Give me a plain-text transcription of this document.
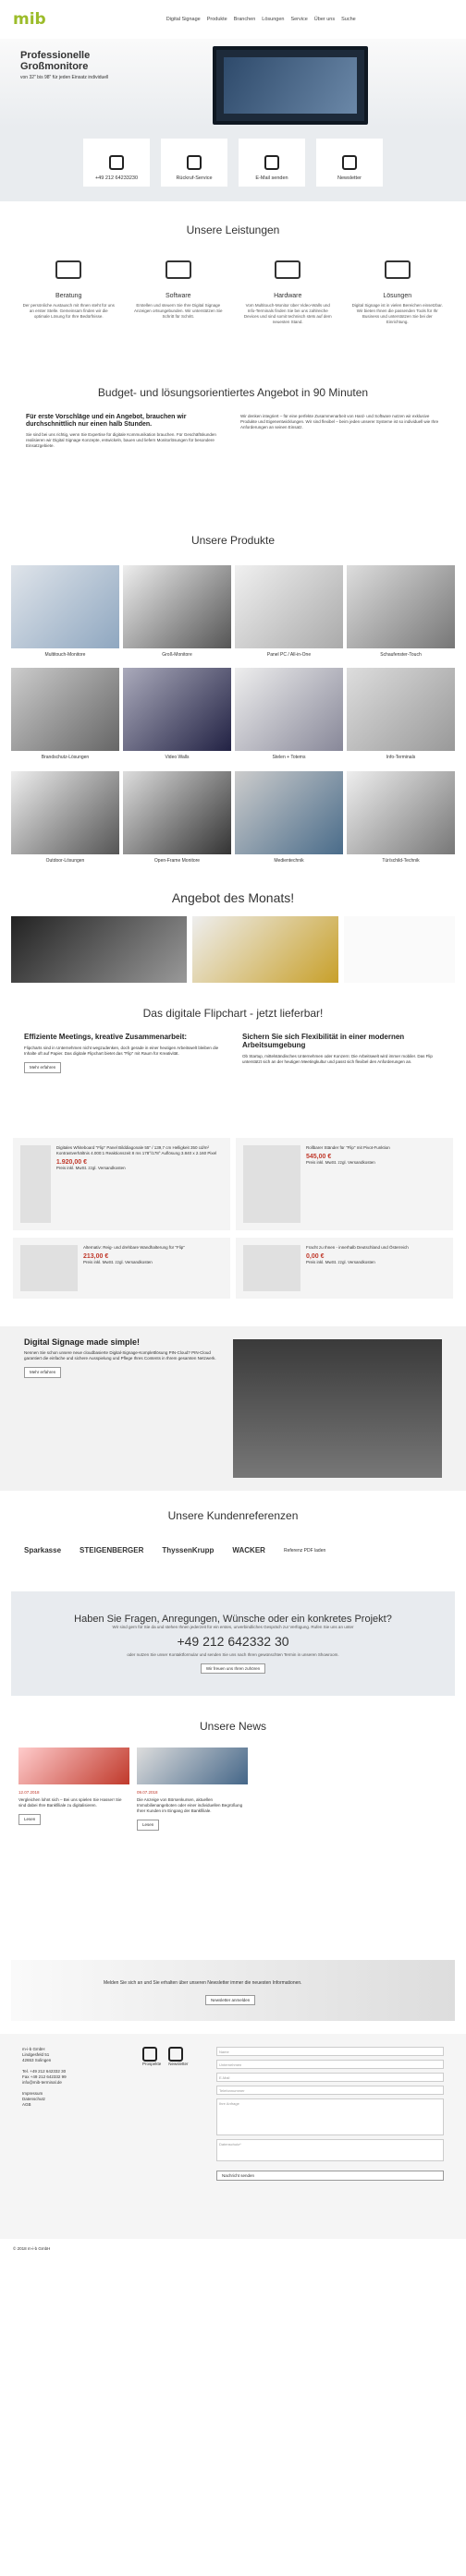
mib	Digital Signage Produkte Branchen Lösungen Service Über uns Suche
Professionelle Großmonitore

von 32" bis 98" für jeden Einsatz individuell

+49 212 64233230	Rückruf-Service	E-Mail senden	Newsletter
Unsere Leistungen
Beratung
Der persönliche Austausch mit Ihnen steht für uns an erster Stelle. Gemeinsam finden wir die optimale Lösung für Ihre Bedürfnisse.
Software
Erstellen und steuern Sie Ihre Digital Signage Anzeigen ortsungebunden. Wir unterstützen Sie Schritt für Schritt.
Hardware
Vom Multitouch-Monitor über Video-Walls und Info-Terminals finden Sie bei uns zahlreiche Devices und sind somit technisch stets auf dem neuesten Stand.
Lösungen
Digital Signage ist in vielen Bereichen einsetzbar. Wir bieten Ihnen die passenden Tools für Ihr Business und unterstützen Sie bei der Einrichtung.
Budget- und lösungsorientiertes Angebot in 90 Minuten
Für erste Vorschläge und ein Angebot, brauchen wir durchschnittlich nur einen halb Stunden.

Sie sind bei uns richtig, wenn Sie Expertise für digitale Kommunikation brauchen. Für Geschäftskunden realisieren wir Digital Signage Konzepte, entwickeln, bauen und liefern Monitorlösungen für besondere Einsatzgebiete.

Wir denken integriert – für eine perfekte Zusammenarbeit von Hard- und Software nutzen wir exklusive Produkte und Eigenentwicklungen. Wir sind flexibel – beim jeden unserer Systeme ist so individuell wie Ihre Anforderungen an seinen Einsatz.

Unsere Produkte
Multitouch-Monitore	Groß-Monitore	Panel PC / All-in-One	Schaufenster-Touch
Brandschutz-Lösungen	Video Walls	Stelen + Totems	Info-Terminals
Outdoor-Lösungen	Open-Frame Monitore	Medientechnik	Tür/schild-Technik
Angebot des Monats!
Das digitale Flipchart - jetzt lieferbar!
Effiziente Meetings, kreative Zusammenarbeit:

Flipcharts sind in Unternehmen nicht wegzudenken, doch gerade in einer heutigen Arbeitswelt bleiben die Inhalte oft auf Papier. Das digitale Flipchart bietet das "Flip" mit Raum für Kreativität.

Mehr erfahren
Sichern Sie sich Flexibilität in einer modernen Arbeitsumgebung

Ob Startup, mittelständisches Unternehmen oder Konzern: Die Arbeitswelt wird immer mobiler. Das Flip unterstützt sich an der heutigen Meetingkultur und passt sich flexibel den Anforderungen an.

Digitales Whiteboard "Flip" Panel Bilddiagonale 55" / 139,7 cm Helligkeit 350 cd/m² Kontrastverhältnis 4.000:1 Reaktionszeit 8 ms 178°/178° Auflösung 3.840 x 2.160 Pixel
1.920,00 €
Preis inkl. MwSt. zzgl. Versandkosten
Rollbarer Ständer für "Flip" mit Pivot-Funktion
545,00 €
Preis inkl. MwSt. zzgl. Versandkosten
Alternativ: Reig- und drehbare Wandhalterung für "Flip"
213,00 €
Preis inkl. MwSt. zzgl. Versandkosten
Fracht zu Ihnen - innerhalb Deutschland und Österreich
0,00 €
Preis inkl. MwSt. zzgl. Versandkosten
Digital Signage made simple!

Nennen Sie schon unsere neue cloudbasierte Digital-Signage-Komplettlösung PIN-Cloud? PIN-Cloud garantiert die einfache und sichere Ausspielung und Pflege Ihres Contents in Ihrem gesamten Netzwerk.

Mehr erfahren
Unsere Kundenreferenzen
Sparkasse	STEIGENBERGER	ThyssenKrupp	WACKER	Referenz PDF laden
Haben Sie Fragen, Anregungen, Wünsche oder ein konkretes Projekt?

Wir sind gern für Sie da und stehen Ihnen jederzeit für ein erstes, unverbindliches Gespräch zur Verfügung. Rufen Sie uns an unter

+49 212 642332 30

oder nutzen Sie unser Kontaktformular und senden Sie uns nach Ihren gewünschten Termin in unseren Showroom.

Wir freuen uns Ihren zuhören
Unsere News
12.07.2018
Vergleichen lohnt sich – Bei uns spielen Sie Hasser! Sie sind dabei Ihre Bankfiliale zu digitalisieren.
Lesen
09.07.2018
Die Anzeige von Börsenkursen, aktuellen Immobilienangeboten oder einer individuellen Begrüßung Ihrer Kunden im Eingang der Bankfiliale.
Lesen
Melden Sie sich an und Sie erhalten über unseren Newsletter immer die neuesten Informationen.
Newsletter anmelden
m-i-b GmbH
Lindgesfeld 51
42653 Solingen

Tel. +49 212 642332 30
Fax +49 212 642332 99
info@mib-terminal.de

Impressum
Datenschutz
AGB
Prospekte Newsletter
Name
Unternehmen
E-Mail
Telefonnummer
Ihre Anfrage
Datenschutz*
Nachricht senden
© 2018 m-i-b GmbH
